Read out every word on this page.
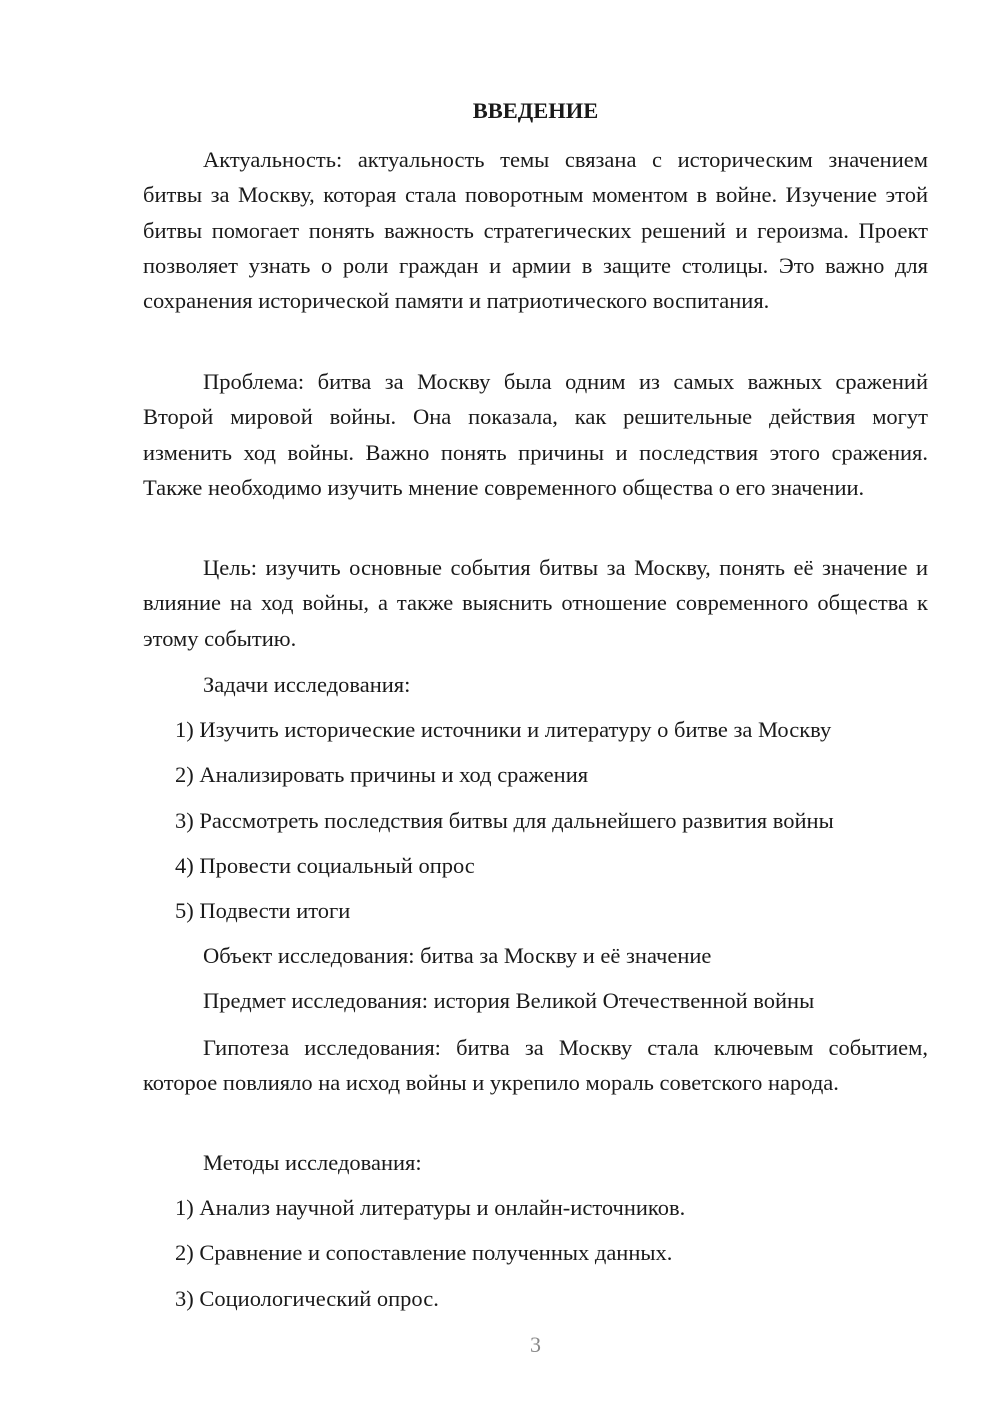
ВВЕДЕНИЕ

Актуальность: актуальность темы связана с историческим значением битвы за Москву, которая стала поворотным моментом в войне. Изучение этой битвы помогает понять важность стратегических решений и героизма. Проект позволяет узнать о роли граждан и армии в защите столицы. Это важно для сохранения исторической памяти и патриотического воспитания.

Проблема: битва за Москву была одним из самых важных сражений Второй мировой войны. Она показала, как решительные действия могут изменить ход войны. Важно понять причины и последствия этого сражения. Также необходимо изучить мнение современного общества о его значении.

Цель: изучить основные события битвы за Москву, понять её значение и влияние на ход войны, а также выяснить отношение современного общества к этому событию.

Задачи исследования:
1) Изучить исторические источники и литературу о битве за Москву
2) Анализировать причины и ход сражения
3) Рассмотреть последствия битвы для дальнейшего развития войны
4) Провести социальный опрос
5) Подвести итоги
Объект исследования: битва за Москву и её значение
Предмет исследования: история Великой Отечественной войны

Гипотеза исследования: битва за Москву стала ключевым событием, которое повлияло на исход войны и укрепило мораль советского народа.

Методы исследования:
1) Анализ научной литературы и онлайн-источников.
2) Сравнение и сопоставление полученных данных.
3) Социологический опрос.
3
